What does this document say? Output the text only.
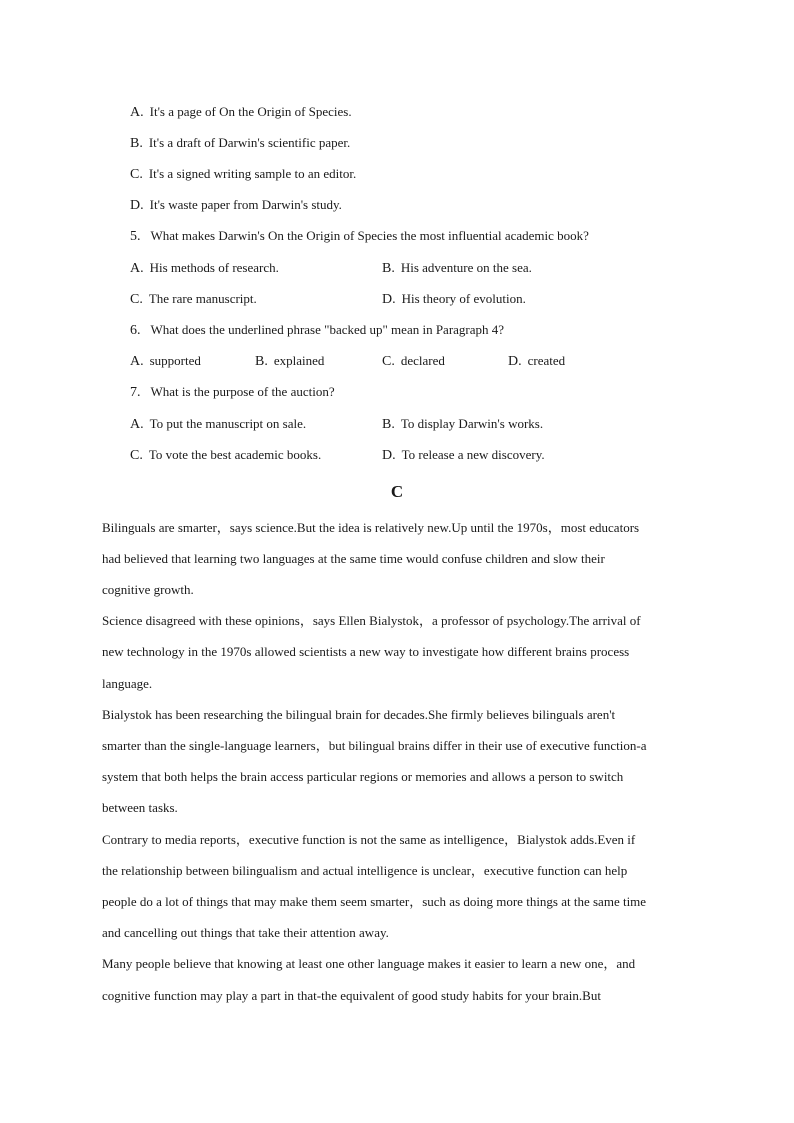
A. It's a page of On the Origin of Species.
B. It's a draft of Darwin's scientific paper.
C. It's a signed writing sample to an editor.
D. It's waste paper from Darwin's study.
5. What makes Darwin's On the Origin of Species the most influential academic book?
A. His methods of research.	B. His adventure on the sea.
C. The rare manuscript.	D. His theory of evolution.
6. What does the underlined phrase "backed up" mean in Paragraph 4?
A. supported	B. explained	C. declared	D. created
7. What is the purpose of the auction?
A. To put the manuscript on sale.	B. To display Darwin's works.
C. To vote the best academic books.	D. To release a new discovery.
C
Bilinguals are smarter，says science.But the idea is relatively new.Up until the 1970s，most educators
had believed that learning two languages at the same time would confuse children and slow their
cognitive growth.
Science disagreed with these opinions，says Ellen Bialystok，a professor of psychology.The arrival of
new technology in the 1970s allowed scientists a new way to investigate how different brains process
language.
Bialystok has been researching the bilingual brain for decades.She firmly believes bilinguals aren't
smarter than the single-language learners，but bilingual brains differ in their use of executive function-a
system that both helps the brain access particular regions or memories and allows a person to switch
between tasks.
Contrary to media reports，executive function is not the same as intelligence，Bialystok adds.Even if
the relationship between bilingualism and actual intelligence is unclear，executive function can help
people do a lot of things that may make them seem smarter，such as doing more things at the same time
and cancelling out things that take their attention away.
Many people believe that knowing at least one other language makes it easier to learn a new one，and
cognitive function may play a part in that-the equivalent of good study habits for your brain.But
